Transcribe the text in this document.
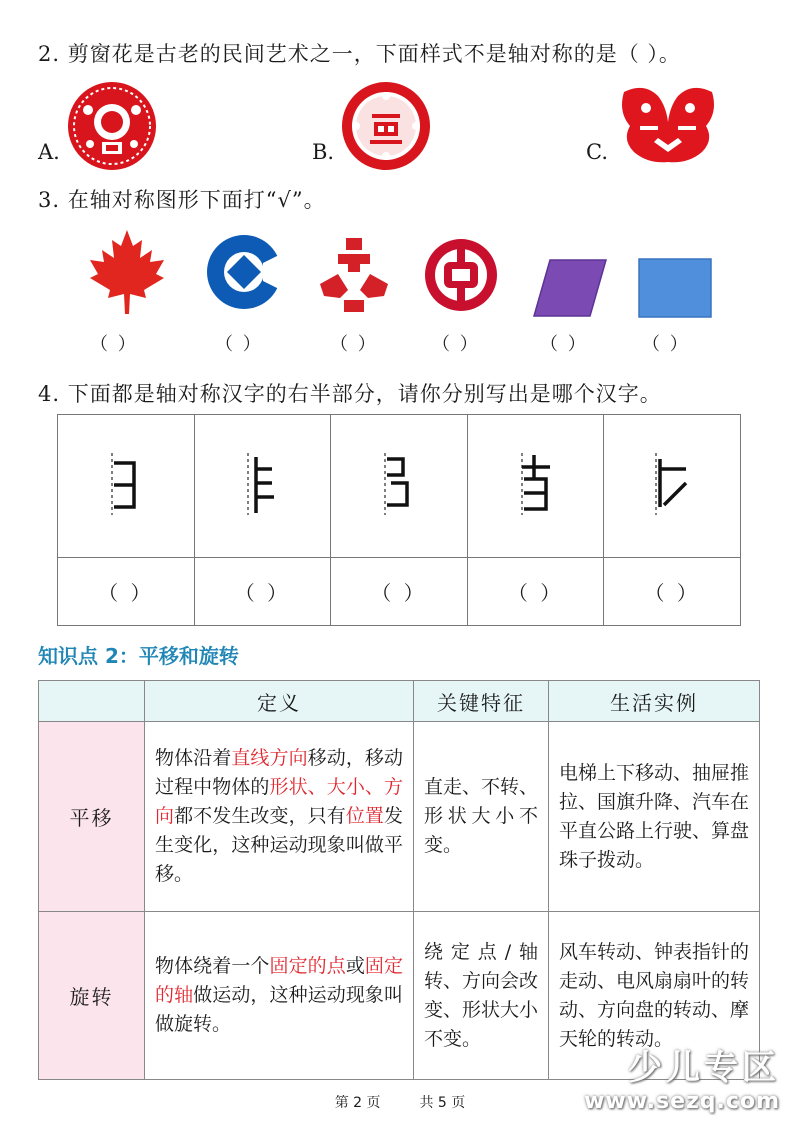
2. 剪窗花是古老的民间艺术之一，下面样式不是轴对称的是（ ）。
A.	B.	C.
3. 在轴对称图形下面打“√”。
（ ）	（ ）	（ ）	（ ）	（ ）	（ ）
4. 下面都是轴对称汉字的右半部分，请你分别写出是哪个汉字。

（ ）	（ ）	（ ）	（ ）	（ ）
知识点 2：平移和旋转
	定义	关键特征	生活实例
平移	物体沿着直线方向移动，移动过程中物体的形状、大小、方向都不发生改变，只有位置发生变化，这种运动现象叫做平移。	直走、不转、形状大小不变。	电梯上下移动、抽屉推拉、国旗升降、汽车在平直公路上行驶、算盘珠子拨动。
旋转	物体绕着一个固定的点或固定的轴做运动，这种运动现象叫做旋转。	绕定点/轴转、方向会改变、形状大小不变。	风车转动、钟表指针的走动、电风扇扇叶的转动、方向盘的转动、摩天轮的转动。
少儿专区
www.sezq.com
第 2 页	共 5 页
